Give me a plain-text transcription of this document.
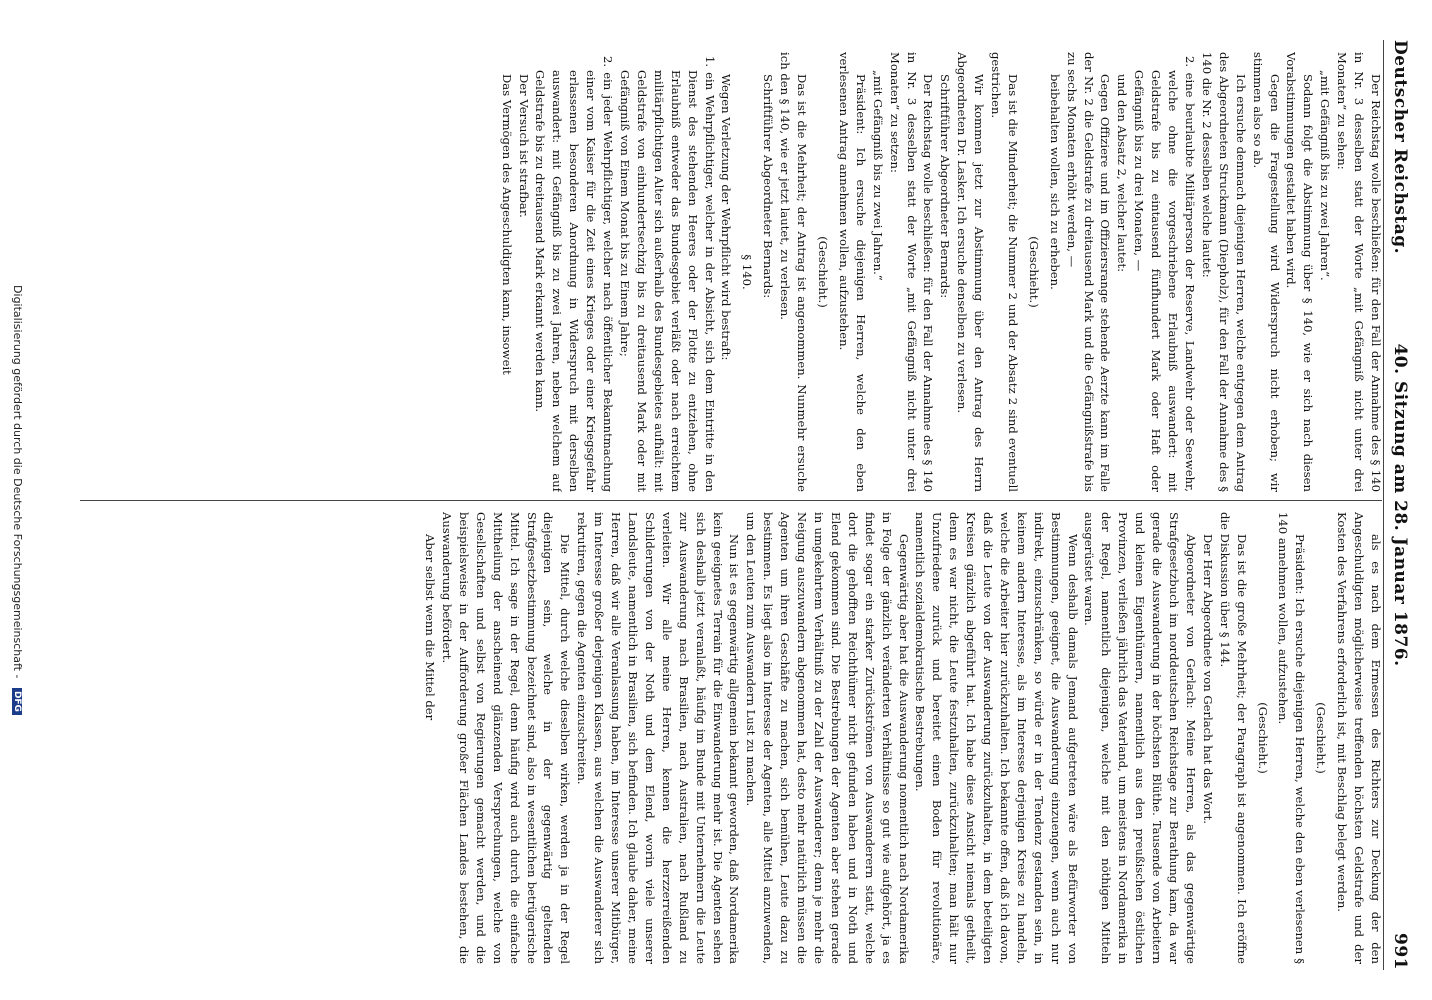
Deutscher Reichstag.
40. Sitzung am 28. Januar 1876.
991

Der Reichstag wolle beschließen: für den Fall der Annahme des § 140 in Nr. 3 desselben statt der Worte „mit Gefängniß nicht unter drei Monaten“ zu sehen:

„mit Gefängniß bis zu zwei Jahren“.

Sodann folgt die Abstimmung über § 140, wie er sich nach diesen Vorabstimmungen gestaltet haben wird.

Gegen die Fragestellung wird Widerspruch nicht erhoben; wir stimmen also so ab.

Ich ersuche demnach diejenigen Herren, welche entgegen dem Antrag des Abgeordneten Struckmann (Diepholz), für den Fall der Annahme des § 140 die Nr. 2 desselben welche lautet:

2. eine beurlaubte Militärperson der Reserve, Landwehr oder Seewehr, welche ohne die vorgeschriebene Erlaubniß auswandert: mit Geldstrafe bis zu eintausend fünfhundert Mark oder Haft oder Gefängniß bis zu drei Monaten, —

und den Absatz 2, welcher lautet:

Gegen Offiziere und im Offiziersrange stehende Aerzte kann im Falle der Nr. 2 die Geldstrafe zu dreitausend Mark und die Gefängnißstrafe bis zu sechs Monaten erhöht werden, —

beibehalten wollen, sich zu erheben.

(Geschieht.)

Das ist die Minderheit; die Nummer 2 und der Absatz 2 sind eventuell gestrichen.

Wir kommen jetzt zur Abstimmung über den Antrag des Herrn Abgeordneten Dr. Lasker. Ich ersuche denselben zu verlesen.

Schriftführer Abgeordneter Bernards:

Der Reichstag wolle beschließen: für den Fall der Annahme des § 140 in Nr. 3 desselben statt der Worte „mit Gefängniß nicht unter drei Monaten“ zu setzen:

„mit Gefängniß bis zu zwei Jahren.“

Präsident: Ich ersuche diejenigen Herren, welche den eben verlesenen Antrag annehmen wollen, aufzustehen.

(Geschieht.)

Das ist die Mehrheit; der Antrag ist angenommen. Nunmehr ersuche ich den § 140, wie er jetzt lautet, zu verlesen.

Schriftführer Abgeordneter Bernards:

§ 140.

Wegen Verletzung der Wehrpflicht wird bestraft:

1. ein Wehrpflichtiger, welcher in der Absicht, sich dem Eintritte in den Dienst des stehenden Heeres oder der Flotte zu entziehen, ohne Erlaubniß entweder das Bundesgebiet verläßt oder nach erreichtem militärpflichtigen Alter sich außerhalb des Bundesgebietes aufhält: mit Geldstrafe von einhundertsechzig bis zu dreitausend Mark oder mit Gefängniß von Einem Monat bis zu Einem Jahre;

2. ein jeder Wehrpflichtiger, welcher nach öffentlicher Bekanntmachung einer vom Kaiser für die Zeit eines Krieges oder einer Kriegsgefahr erlassenen besonderen Anordnung in Widerspruch mit derselben auswandert: mit Gefängniß bis zu zwei Jahren, neben welchem auf Geldstrafe bis zu dreitausend Mark erkannt werden kann.

Der Versuch ist strafbar.

Das Vermögen des Angeschuldigten kann, insoweit

als es nach dem Ermessen des Richters zur Deckung der den Angeschuldigten möglicherweise treffenden höchsten Geldstrafe und der Kosten des Verfahrens erforderlich ist, mit Beschlag belegt werden.

(Geschieht.)

Präsident: Ich ersuche diejenigen Herren, welche den eben verlesenen § 140 annehmen wollen, aufzustehen.

(Geschieht.)

Das ist die große Mehrheit; der Paragraph ist angenommen. Ich eröffne die Diskussion über § 144.

Der Herr Abgeordnete von Gerlach hat das Wort.

Abgeordneter von Gerlach: Meine Herren, als das gegenwärtige Strafgesetzbuch im norddeutschen Reichstage zur Berathung kam, da war gerade die Auswanderung in der höchsten Blüthe. Tausende von Arbeitern und kleinen Eigenthümern, namentlich aus den preußischen östlichen Provinzen, verließen jährlich das Vaterland, um meistens in Nordamerika in der Regel, namentlich diejenigen, welche mit den nöthigen Mitteln ausgerüstet waren.

Wenn deshalb damals Jemand aufgetreten wäre als Befürworter von Bestimmungen, geeignet, die Auswanderung einzuengen, wenn auch nur indirekt, einzuschränken, so würde er in der Tendenz gestanden sein, in keinem andern Interesse, als im Interesse derjenigen Kreise zu handeln, welche die Arbeiter hier zurückzuhalten. Ich bekannte offen, daß ich davon, daß die Leute von der Auswanderung zurückzuhalten, in dem beteiligten Kreisen gänzlich abgeführt hat. Ich habe diese Ansicht niemals getheilt, denn es war nicht, die Leute festzuhalten, zurückzuhalten; man hält nur Unzufriedene zurück und bereitet einen Boden für revolutionäre, namentlich sozialdemokratische Bestrebungen.

Gegenwärtig aber hat die Auswanderung nomentlich nach Nordamerika in Folge der gänzlich veränderten Verhältnisse so gut wie aufgehört, ja es findet sogar ein starker Zurückströmen von Auswanderern statt, welche dort die gehofften Reichthümer nicht gefunden haben und in Noth und Elend gekommen sind. Die Bestrebungen der Agenten aber stehen gerade in umgekehrtem Verhältniß zu der Zahl der Auswanderer; denn je mehr die Neigung auszuwandern abgenommen hat, desto mehr natürlich müssen die Agenten um ihren Geschäfte zu machen, sich bemühen, Leute dazu zu bestimmen. Es liegt also im Interesse der Agenten, alle Mittel anzuwenden, um den Leuten zum Auswandern Lust zu machen.

Nun ist es gegenwärtig allgemein bekannt geworden, daß Nordamerika kein geeignetes Terrain für die Einwanderung mehr ist. Die Agenten sehen sich deshalb jetzt veranlaßt, häufig im Bunde mit Unternehmern die Leute zur Auswanderung nach Brasilien, nach Australien, nach Rußland zu verleiten. Wir alle meine Herren, kennen die herzzerreißenden Schilderungen von der Noth und dem Elend, worin viele unserer Landsleute, namentlich in Brasilien, sich befinden. Ich glaube daher, meine Herren, daß wir alle Veranlassung haben, im Interesse unserer Mitbürger, im Interesse großer derjenigen Klassen, aus welchen die Auswanderer sich rekrutiren, gegen die Agenten einzuschreiten.

Die Mittel, durch welche dieselben wirken, werden ja in der Regel diejenigen sein, welche in der gegenwärtig geltenden Strafgesetzbestimmung bezeichnet sind, also in wesentlichen betrügerische Mittel. Ich sage in der Regel, denn häufig wird auch durch die einfache Mittheilung der anscheinend glänzenden Versprechungen, welche von Gesellschaften und selbst von Regierungen gemacht werden, und die beispielsweise in der Aufforderung großer Flächen Landes bestehen, die Auswanderung befördert.

Aber selbst wenn die Mittel der

Digitalisierung gefördert durch die Deutsche Forschungsgemeinschaft - DFG
